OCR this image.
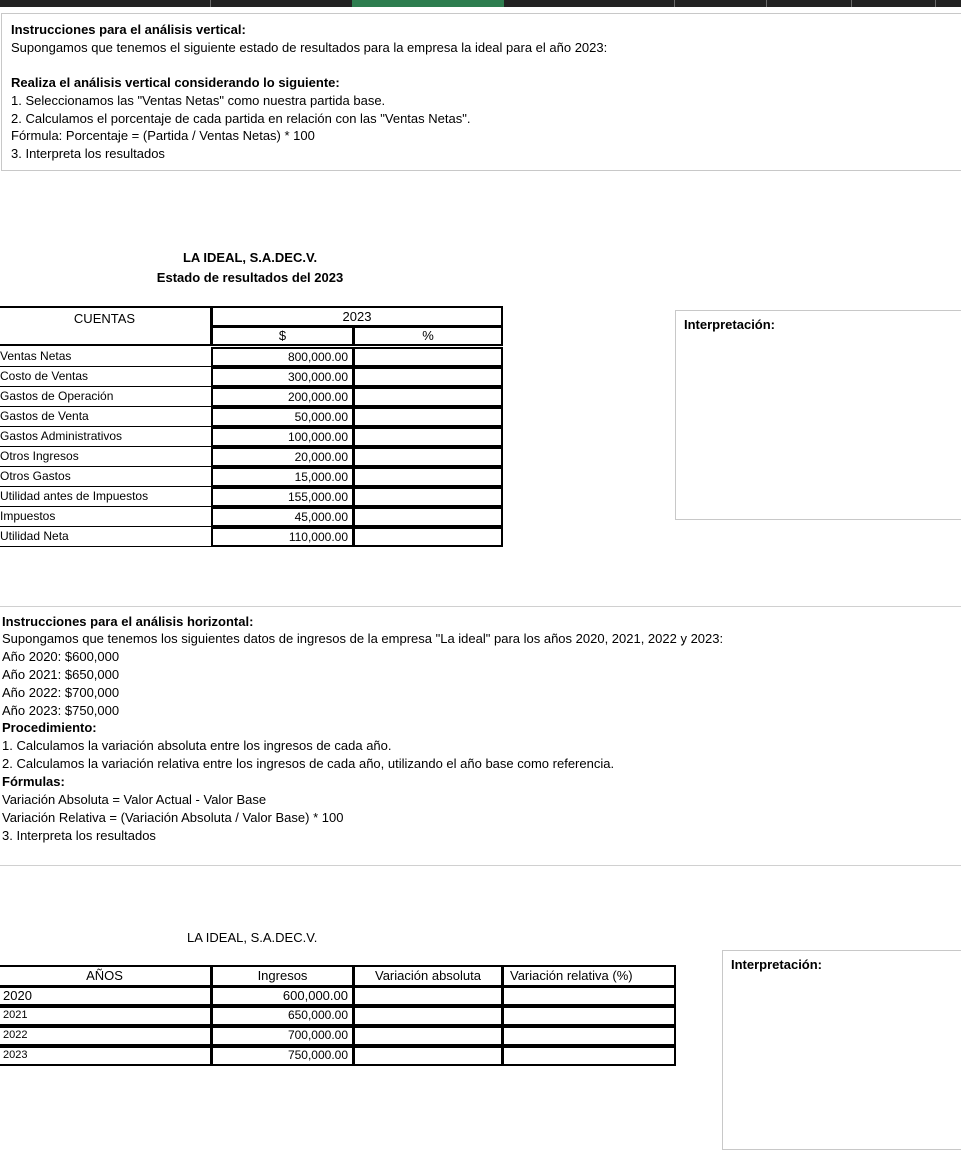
Instrucciones para el análisis vertical:
Supongamos que tenemos el siguiente estado de resultados para la empresa la ideal para el año 2023:
Realiza el análisis vertical considerando lo siguiente:
1. Seleccionamos las "Ventas Netas" como nuestra partida base.
2. Calculamos el porcentaje de cada partida en relación con las "Ventas Netas".
Fórmula: Porcentaje = (Partida / Ventas Netas) * 100
3. Interpreta los resultados
LA IDEAL, S.A.DEC.V.
Estado de resultados del 2023
CUENTAS	2023
$	%
Ventas Netas	800,000.00
Costo de Ventas	300,000.00
Gastos de Operación	200,000.00
Gastos de Venta	50,000.00
Gastos Administrativos	100,000.00
Otros Ingresos	20,000.00
Otros Gastos	15,000.00
Utilidad antes de Impuestos	155,000.00
Impuestos	45,000.00
Utilidad Neta	110,000.00
Interpretación:
Instrucciones para el análisis horizontal:
Supongamos que tenemos los siguientes datos de ingresos de la empresa "La ideal" para los años 2020, 2021, 2022 y 2023:
Año 2020: $600,000
Año 2021: $650,000
Año 2022: $700,000
Año 2023: $750,000
Procedimiento:
1. Calculamos la variación absoluta entre los ingresos de cada año.
2. Calculamos la variación relativa entre los ingresos de cada año, utilizando el año base como referencia.
Fórmulas:
Variación Absoluta = Valor Actual - Valor Base
Variación Relativa = (Variación Absoluta / Valor Base) * 100
3. Interpreta los resultados
LA IDEAL, S.A.DEC.V.
AÑOS	Ingresos	Variación absoluta	Variación relativa (%)
2020	600,000.00
2021	650,000.00
2022	700,000.00
2023	750,000.00
Interpretación:
